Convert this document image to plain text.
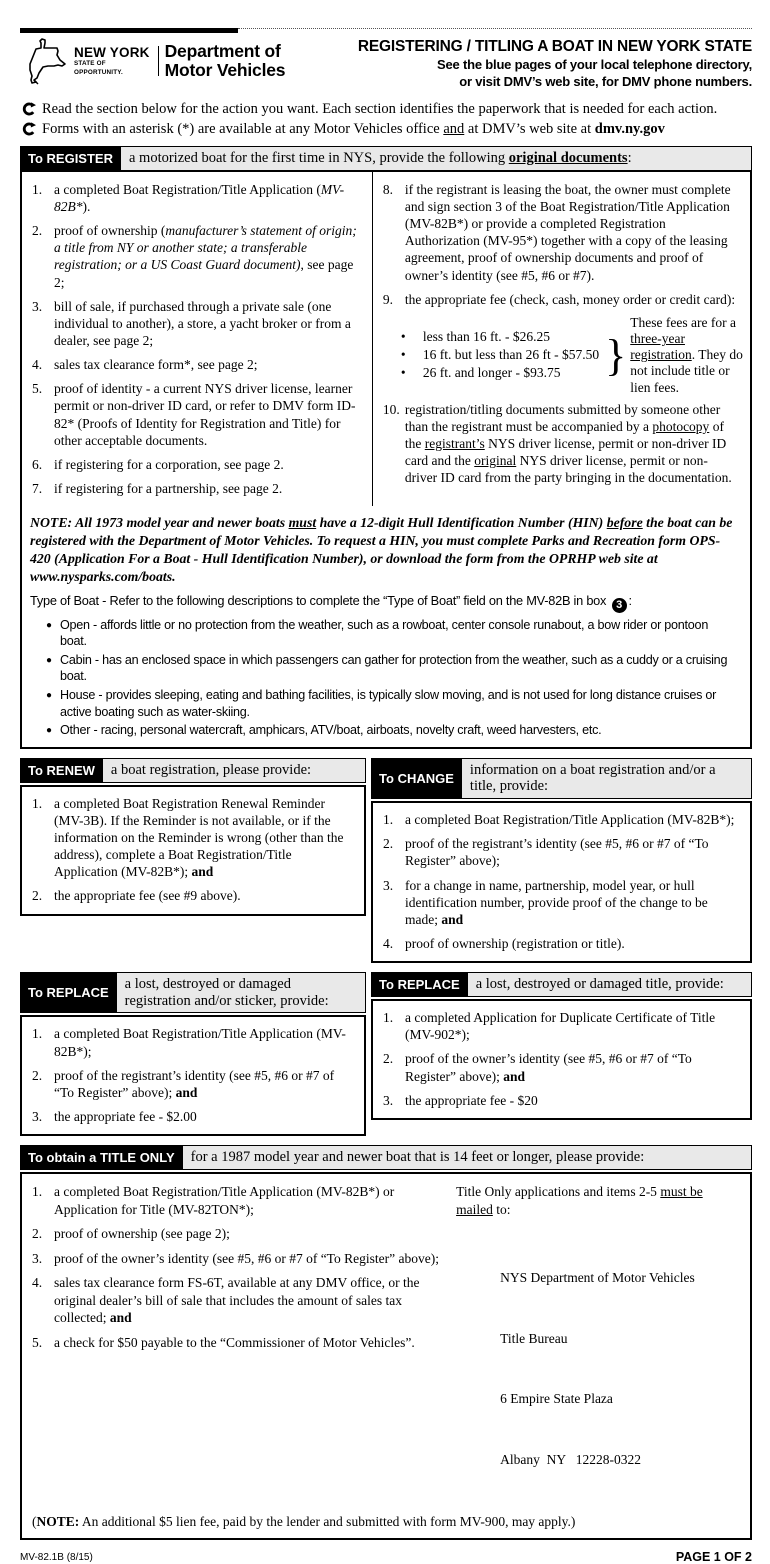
NEW YORK
STATE OF
OPPORTUNITY.
Department of
Motor Vehicles
REGISTERING / TITLING A BOAT IN NEW YORK STATE
See the blue pages of your local telephone directory,
or visit DMV’s web site, for DMV phone numbers.
Read the section below for the action you want. Each section identifies the paperwork that is needed for each action.
Forms with an asterisk (*) are available at any Motor Vehicles office and at DMV’s web site at dmv.ny.gov
To REGISTER	a motorized boat for the first time in NYS, provide the following original documents:
1. a completed Boat Registration/Title Application (MV-82B*).
2. proof of ownership (manufacturer’s statement of origin; a title from NY or another state; a transferable registration; or a US Coast Guard document), see page 2;
3. bill of sale, if purchased through a private sale (one individual to another), a store, a yacht broker or from a dealer, see page 2;
4. sales tax clearance form*, see page 2;
5. proof of identity - a current NYS driver license, learner permit or non-driver ID card, or refer to DMV form ID-82* (Proofs of Identity for Registration and Title) for other acceptable documents.
6. if registering for a corporation, see page 2.
7. if registering for a partnership, see page 2.
8. if the registrant is leasing the boat, the owner must complete and sign section 3 of the Boat Registration/Title Application (MV-82B*) or provide a completed Registration Authorization (MV-95*) together with a copy of the leasing agreement, proof of ownership documents and proof of owner’s identity (see #5, #6 or #7).
9. the appropriate fee (check, cash, money order or credit card):
•	less than 16 ft. - $26.25
•	16 ft. but less than 26 ft - $57.50
•	26 ft. and longer - $93.75	}
These fees are for a three-year registration. They do not include title or lien fees.
10. registration/titling documents submitted by someone other than the registrant must be accompanied by a photocopy of the registrant’s NYS driver license, permit or non-driver ID card and the original NYS driver license, permit or non-driver ID card from the party bringing in the documentation.
NOTE: All 1973 model year and newer boats must have a 12-digit Hull Identification Number (HIN) before the boat can be registered with the Department of Motor Vehicles. To request a HIN, you must complete Parks and Recreation form OPS-420 (Application For a Boat - Hull Identification Number), or download the form from the OPRHP web site at www.nysparks.com/boats.
Type of Boat - Refer to the following descriptions to complete the “Type of Boat” field on the MV-82B in box 3 :
● Open - affords little or no protection from the weather, such as a rowboat, center console runabout, a bow rider or pontoon boat.
● Cabin - has an enclosed space in which passengers can gather for protection from the weather, such as a cuddy or a cruising boat.
● House - provides sleeping, eating and bathing facilities, is typically slow moving, and is not used for long distance cruises or active boating such as water-skiing.
● Other - racing, personal watercraft, amphicars, ATV/boat, airboats, novelty craft, weed harvesters, etc.
To RENEW	a boat registration, please provide:
1. a completed Boat Registration Renewal Reminder (MV-3B). If the Reminder is not available, or if the information on the Reminder is wrong (other than the address), complete a Boat Registration/Title Application (MV-82B*); and
2. the appropriate fee (see #9 above).
To CHANGE
information on a boat registration and/or a title, provide:
1. a completed Boat Registration/Title Application (MV-82B*);
2. proof of the registrant’s identity (see #5, #6 or #7 of “To Register” above);
3. for a change in name, partnership, model year, or hull identification number, provide proof of the change to be made; and
4. proof of ownership (registration or title).
To REPLACE
a lost, destroyed or damaged registration and/or sticker, provide:
1. a completed Boat Registration/Title Application (MV-82B*);
2. proof of the registrant’s identity (see #5, #6 or #7 of “To Register” above); and
3. the appropriate fee - $2.00
To REPLACE	a lost, destroyed or damaged title, provide:
1. a completed Application for Duplicate Certificate of Title (MV-902*);
2. proof of the owner’s identity (see #5, #6 or #7 of “To Register” above); and
3. the appropriate fee - $20
To obtain a TITLE ONLY	for a 1987 model year and newer boat that is 14 feet or longer, please provide:
1. a completed Boat Registration/Title Application (MV-82B*) or Application for Title (MV-82TON*);
2. proof of ownership (see page 2);
3. proof of the owner’s identity (see #5, #6 or #7 of “To Register” above);
4. sales tax clearance form FS-6T, available at any DMV office, or the original dealer’s bill of sale that includes the amount of sales tax collected; and
5. a check for $50 payable to the “Commissioner of Motor Vehicles”.
Title Only applications and items 2-5 must be mailed to:

NYS Department of Motor Vehicles

Title Bureau

6 Empire State Plaza

Albany  NY   12228-0322

(NOTE: An additional $5 lien fee, paid by the lender and submitted with form MV-900, may apply.)
MV-82.1B (8/15)	PAGE 1 OF 2
